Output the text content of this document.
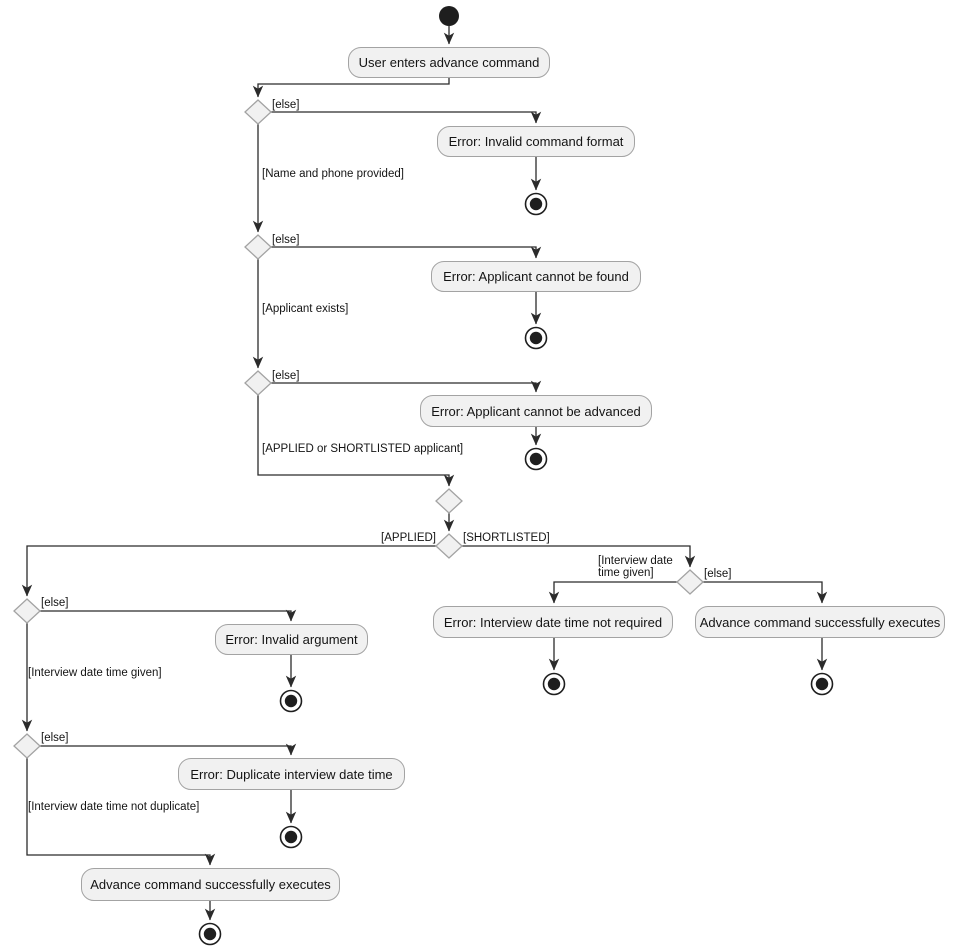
User enters advance command
Error: Invalid command format
Error: Applicant cannot be found
Error: Applicant cannot be advanced
Error: Invalid argument
Error: Interview date time not required	Advance command successfully executes
Error: Duplicate interview date time
Advance command successfully executes
[else]
[Name and phone provided]
[else]
[Applicant exists]
[else]
[APPLIED or SHORTLISTED applicant]
[APPLIED] [SHORTLISTED]
[else]
[Interview date time given]
[else]
[Interview date time not duplicate]
[Interview date
time given]	[else]
